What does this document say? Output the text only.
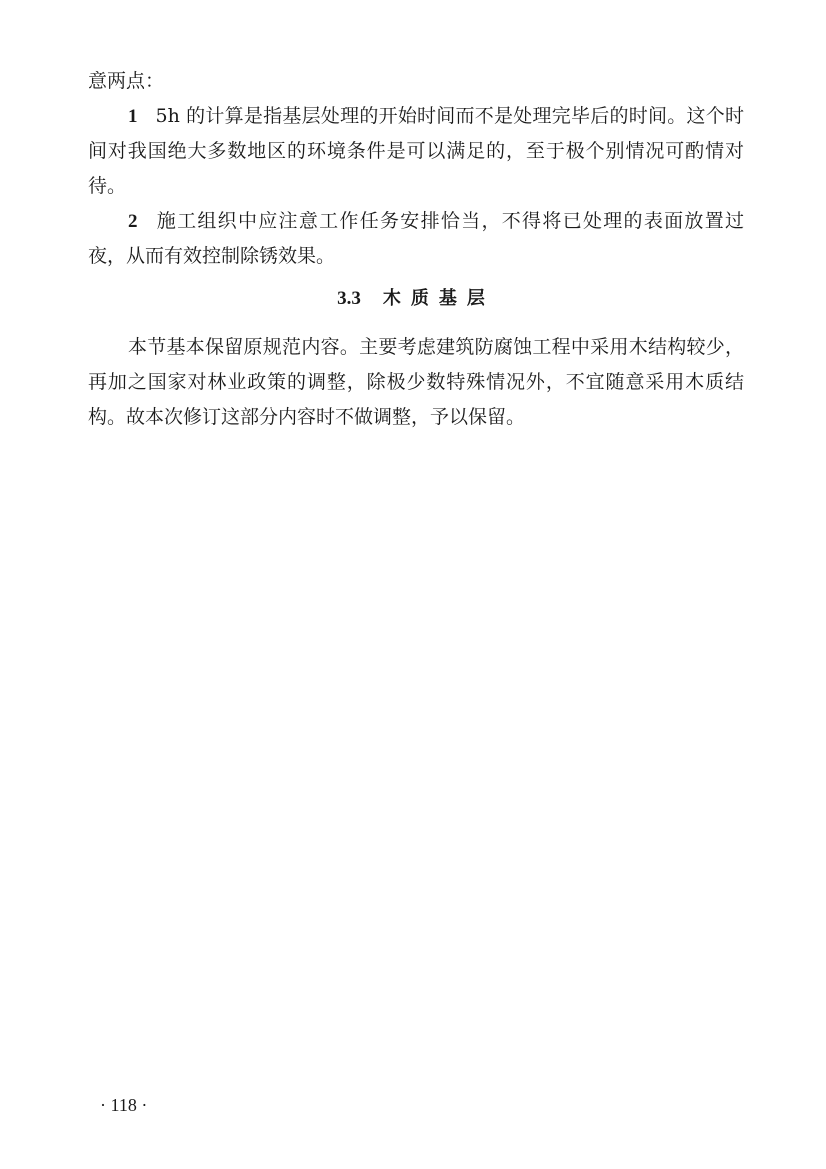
意两点：

1 5h 的计算是指基层处理的开始时间而不是处理完毕后的时间。这个时间对我国绝大多数地区的环境条件是可以满足的，至于极个别情况可酌情对待。

2 施工组织中应注意工作任务安排恰当，不得将已处理的表面放置过夜，从而有效控制除锈效果。

3.3 木质基层

本节基本保留原规范内容。主要考虑建筑防腐蚀工程中采用木结构较少，再加之国家对林业政策的调整，除极少数特殊情况外，不宜随意采用木质结构。故本次修订这部分内容时不做调整，予以保留。

· 118 ·
